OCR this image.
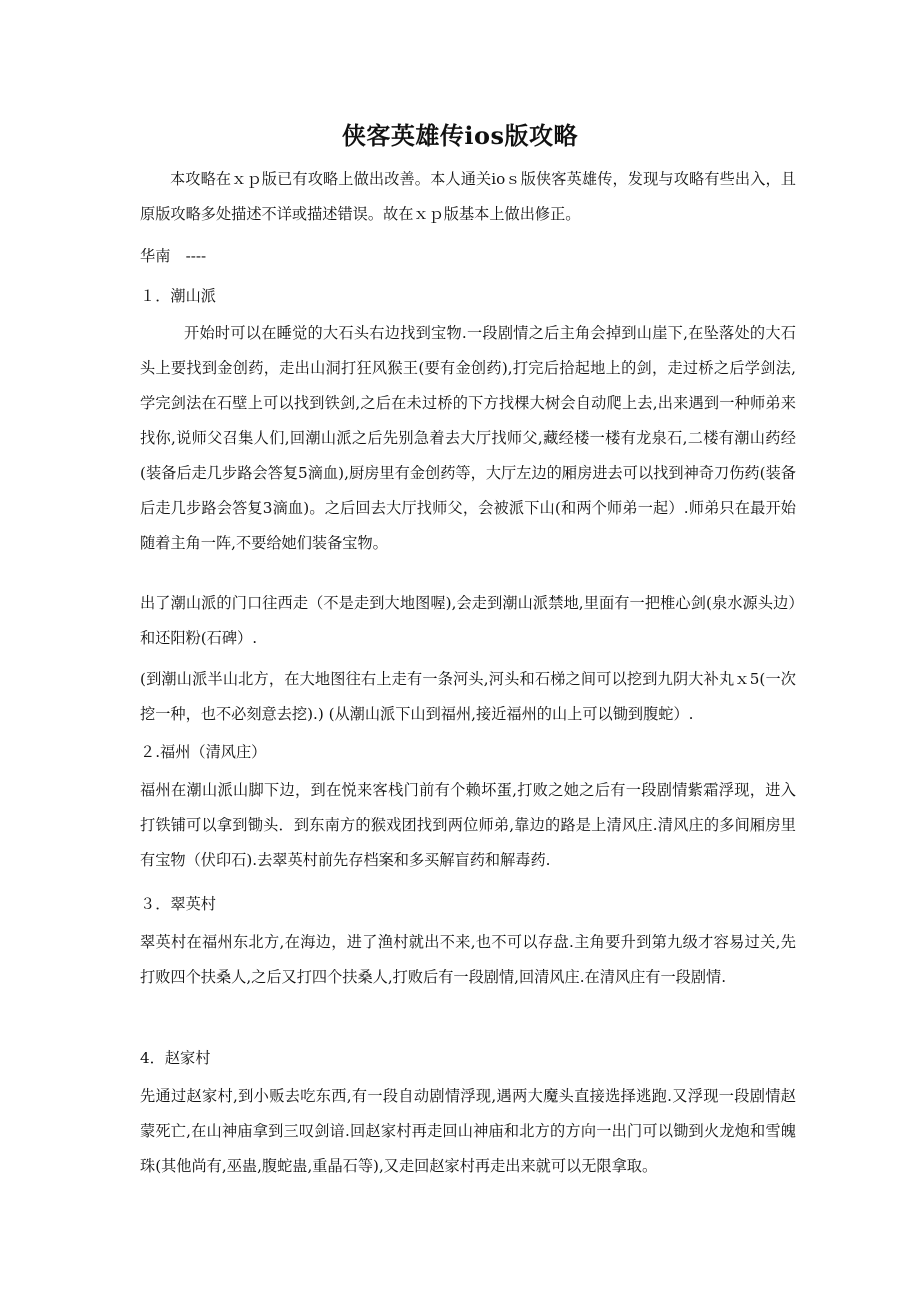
侠客英雄传ios版攻略
本攻略在ｘｐ版已有攻略上做出改善。本人通关ioｓ版侠客英雄传，发现与攻略有些出入，且原版攻略多处描述不详或描述错误。故在ｘｐ版基本上做出修正。
华南　----
１．潮山派
开始时可以在睡觉的大石头右边找到宝物.一段剧情之后主角会掉到山崖下,在坠落处的大石头上要找到金创药，走出山洞打狂风猴王(要有金创药),打完后拾起地上的剑，走过桥之后学剑法,学完剑法在石壁上可以找到铁剑,之后在未过桥的下方找棵大树会自动爬上去,出来遇到一种师弟来找你,说师父召集人们,回潮山派之后先别急着去大厅找师父,藏经楼一楼有龙泉石,二楼有潮山药经(装备后走几步路会答复5滴血),厨房里有金创药等，大厅左边的厢房进去可以找到神奇刀伤药(装备后走几步路会答复3滴血)。之后回去大厅找师父，会被派下山(和两个师弟一起）.师弟只在最开始随着主角一阵,不要给她们装备宝物。
出了潮山派的门口往西走（不是走到大地图喔),会走到潮山派禁地,里面有一把椎心剑(泉水源头边）和还阳粉(石碑）.
(到潮山派半山北方，在大地图往右上走有一条河头,河头和石梯之间可以挖到九阴大补丸ｘ5(一次挖一种，也不必刻意去挖).) (从潮山派下山到福州,接近福州的山上可以锄到腹蛇）.
２.福州（清风庄）
福州在潮山派山脚下边，到在悦来客栈门前有个赖坏蛋,打败之她之后有一段剧情紫霜浮现，进入打铁铺可以拿到锄头．到东南方的猴戏团找到两位师弟,靠边的路是上清风庄.清风庄的多间厢房里有宝物（伏印石).去翠英村前先存档案和多买解盲药和解毒药.
３．翠英村
翠英村在福州东北方,在海边，进了渔村就出不来,也不可以存盘.主角要升到第九级才容易过关,先打败四个扶桑人,之后又打四个扶桑人,打败后有一段剧情,回清风庄.在清风庄有一段剧情.
4．赵家村
先通过赵家村,到小贩去吃东西,有一段自动剧情浮现,遇两大魔头直接选择逃跑.又浮现一段剧情赵蒙死亡,在山神庙拿到三叹剑谙.回赵家村再走回山神庙和北方的方向一出门可以锄到火龙炮和雪魄珠(其他尚有,巫蛊,腹蛇蛊,重晶石等),又走回赵家村再走出来就可以无限拿取。
